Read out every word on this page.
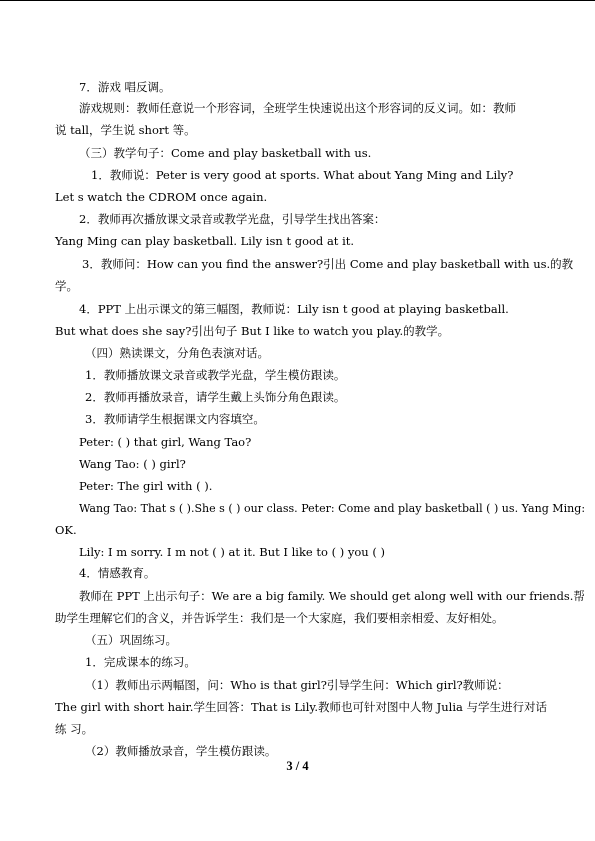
7．游戏 唱反调。
游戏规则：教师任意说一个形容词，全班学生快速说出这个形容词的反义词。如：教师
说 tall，学生说 short 等。
（三）教学句子：Come and play basketball with us.
1．教师说：Peter is very good at sports. What about Yang Ming and Lily?
Let s watch the CDROM once again.
2．教师再次播放课文录音或教学光盘，引导学生找出答案：
Yang Ming can play basketball. Lily isn t good at it.
3．教师问：How can you find the answer?引出 Come and play basketball with us.的教
学。
4．PPT 上出示课文的第三幅图，教师说：Lily isn t good at playing basketball.
But what does she say?引出句子 But I like to watch you play.的教学。
（四）熟读课文，分角色表演对话。
1．教师播放课文录音或教学光盘，学生模仿跟读。
2．教师再播放录音，请学生戴上头饰分角色跟读。
3．教师请学生根据课文内容填空。
Peter: ( ) that girl, Wang Tao?
Wang Tao: ( ) girl?
Peter: The girl with ( ).
Wang Tao: That s ( ).She s ( ) our class. Peter: Come and play basketball ( ) us. Yang Ming:
OK.
Lily: I m sorry. I m not ( ) at it. But I like to ( ) you ( )
4．情感教育。
教师在 PPT 上出示句子：We are a big family. We should get along well with our friends.帮
助学生理解它们的含义，并告诉学生：我们是一个大家庭，我们要相亲相爱、友好相处。
（五）巩固练习。
1．完成课本的练习。
（1）教师出示两幅图，问：Who is that girl?引导学生问：Which girl?教师说：
The girl with short hair.学生回答：That is Lily.教师也可针对图中人物 Julia 与学生进行对话
练 习。
（2）教师播放录音，学生模仿跟读。
3 / 4
